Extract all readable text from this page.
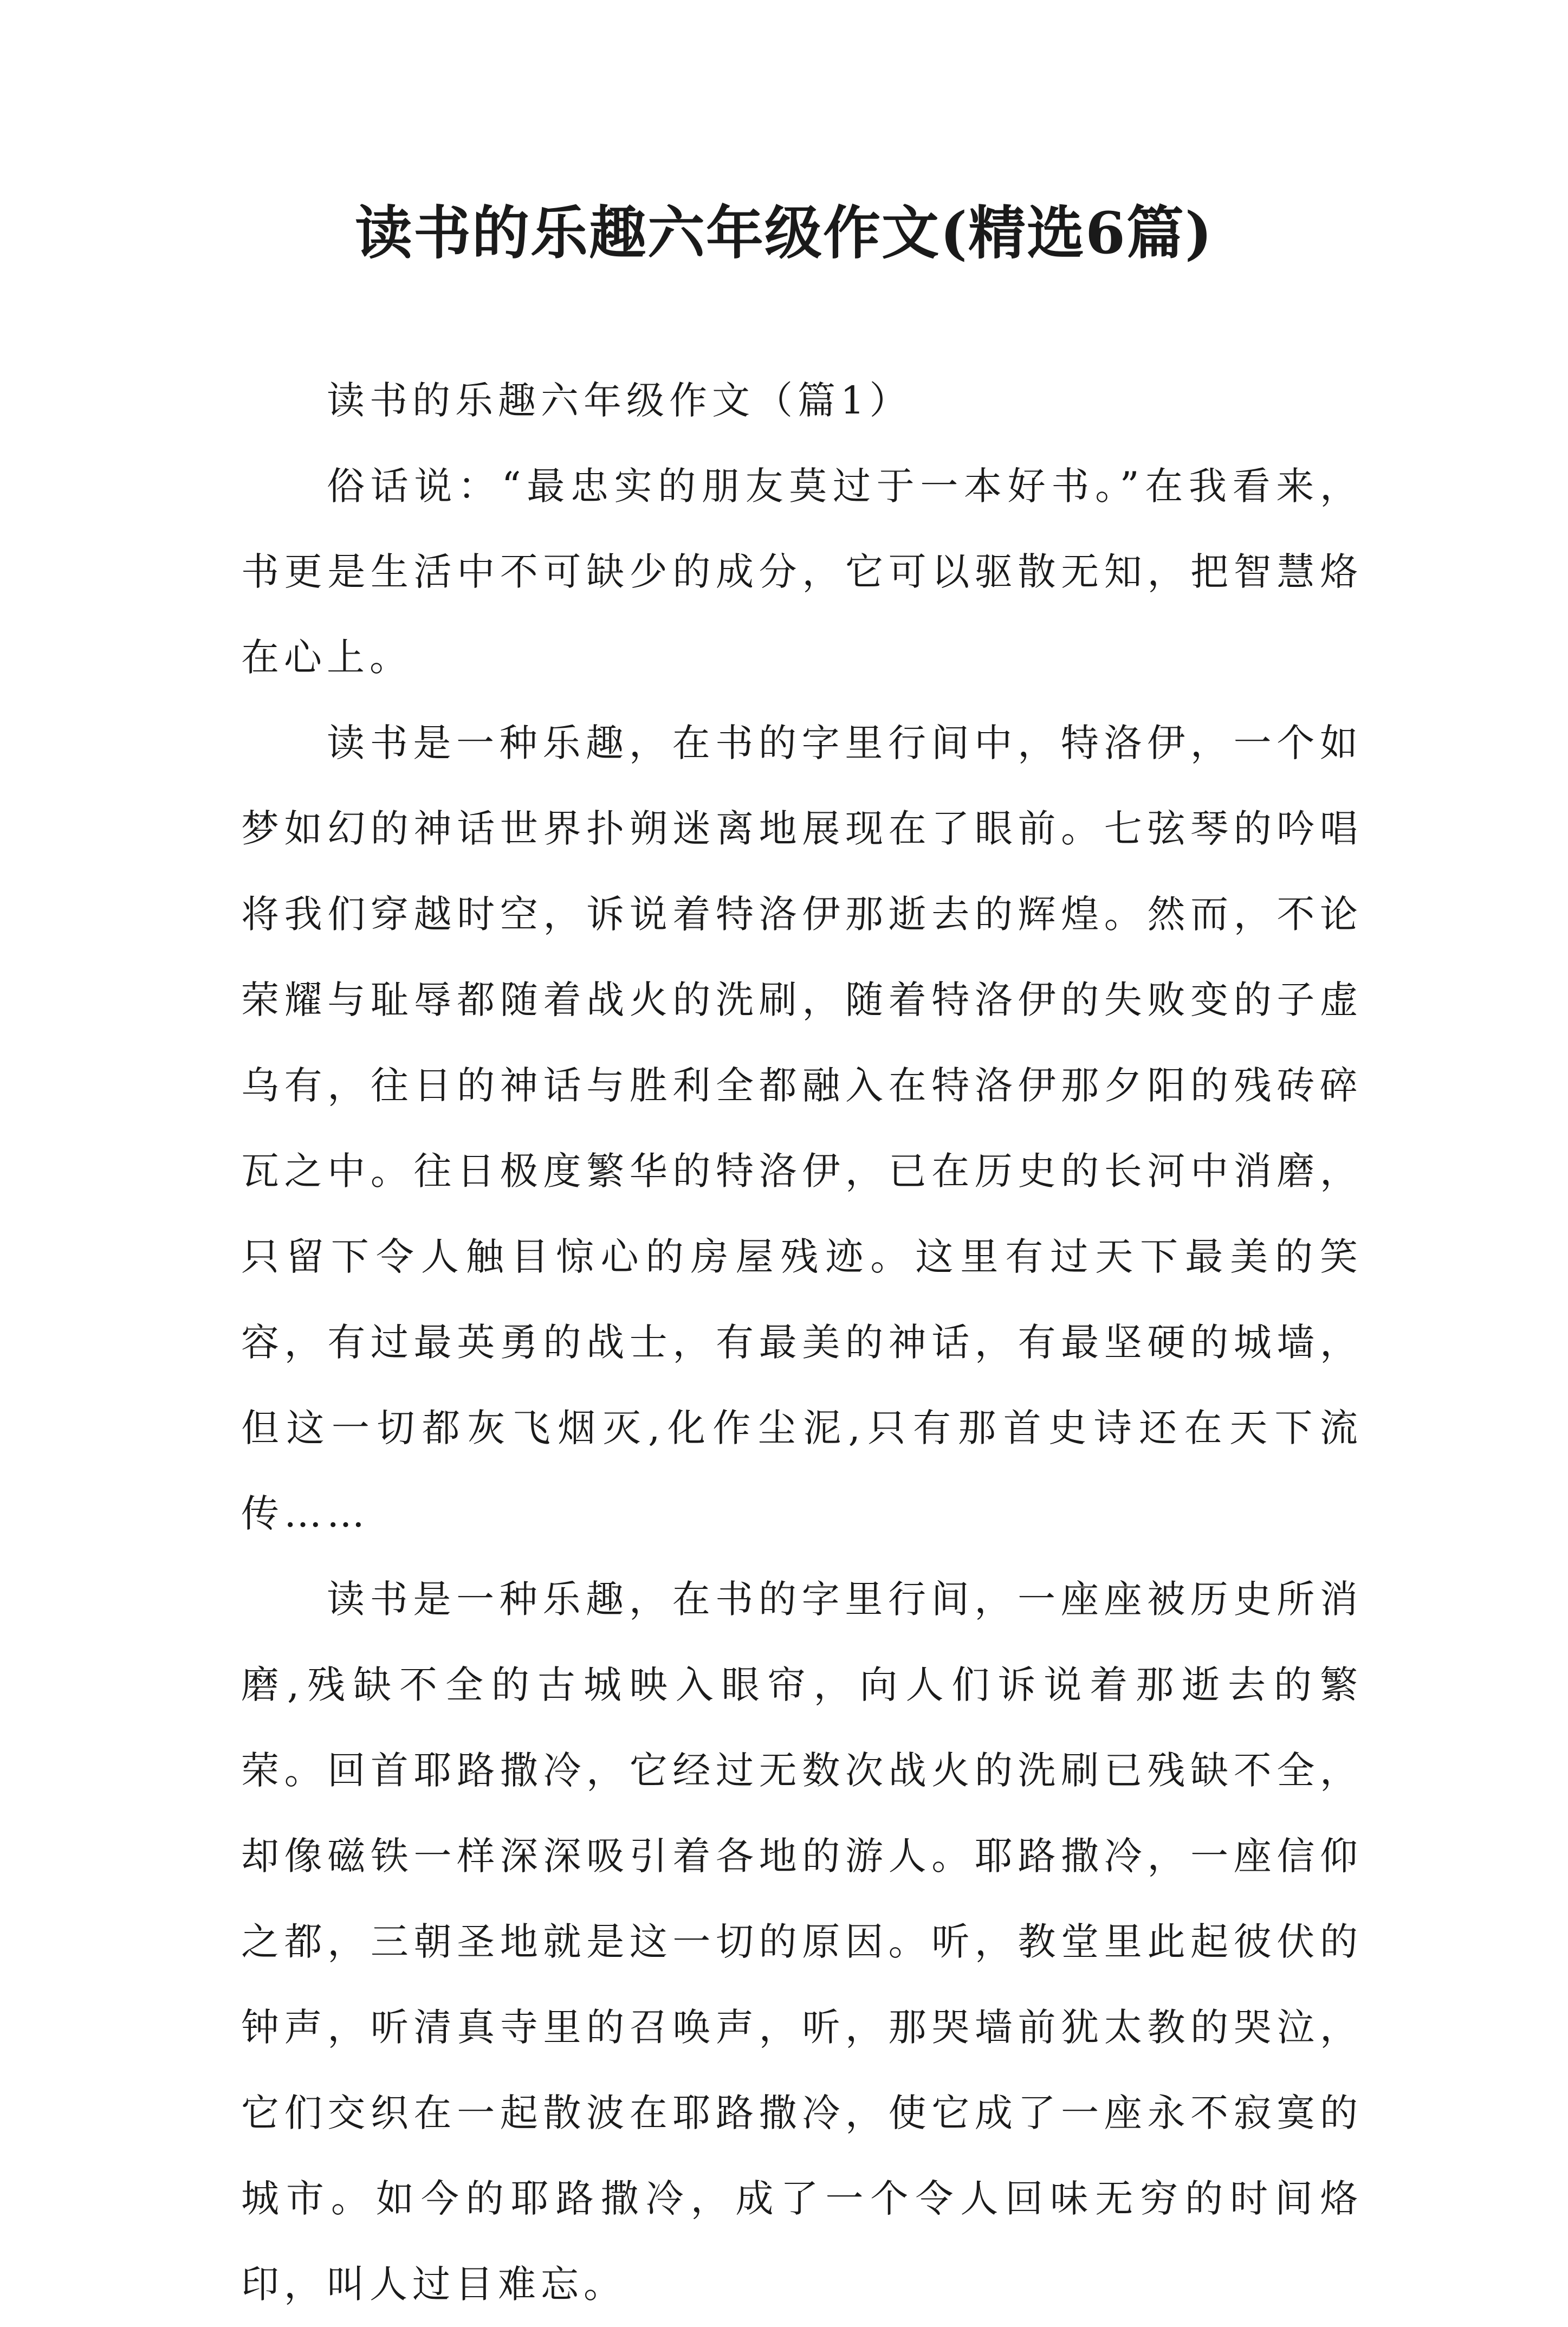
读书的乐趣六年级作文(精选6篇)

读书的乐趣六年级作文（篇1）

俗话说：“最忠实的朋友莫过于一本好书。”在我看来，书更是生活中不可缺少的成分，它可以驱散无知，把智慧烙在心上。

读书是一种乐趣，在书的字里行间中，特洛伊，一个如梦如幻的神话世界扑朔迷离地展现在了眼前。七弦琴的吟唱将我们穿越时空，诉说着特洛伊那逝去的辉煌。然而，不论荣耀与耻辱都随着战火的洗刷，随着特洛伊的失败变的子虚乌有，往日的神话与胜利全都融入在特洛伊那夕阳的残砖碎瓦之中。往日极度繁华的特洛伊，已在历史的长河中消磨，只留下令人触目惊心的房屋残迹。这里有过天下最美的笑容，有过最英勇的战士，有最美的神话，有最坚硬的城墙，但这一切都灰飞烟灭,化作尘泥,只有那首史诗还在天下流传……

读书是一种乐趣，在书的字里行间，一座座被历史所消磨,残缺不全的古城映入眼帘，向人们诉说着那逝去的繁荣。回首耶路撒冷，它经过无数次战火的洗刷已残缺不全，却像磁铁一样深深吸引着各地的游人。耶路撒冷，一座信仰之都，三朝圣地就是这一切的原因。听，教堂里此起彼伏的钟声，听清真寺里的召唤声，听，那哭墙前犹太教的哭泣，它们交织在一起散波在耶路撒冷，使它成了一座永不寂寞的城市。如今的耶路撒冷，成了一个令人回味无穷的时间烙印，叫人过目难忘。
